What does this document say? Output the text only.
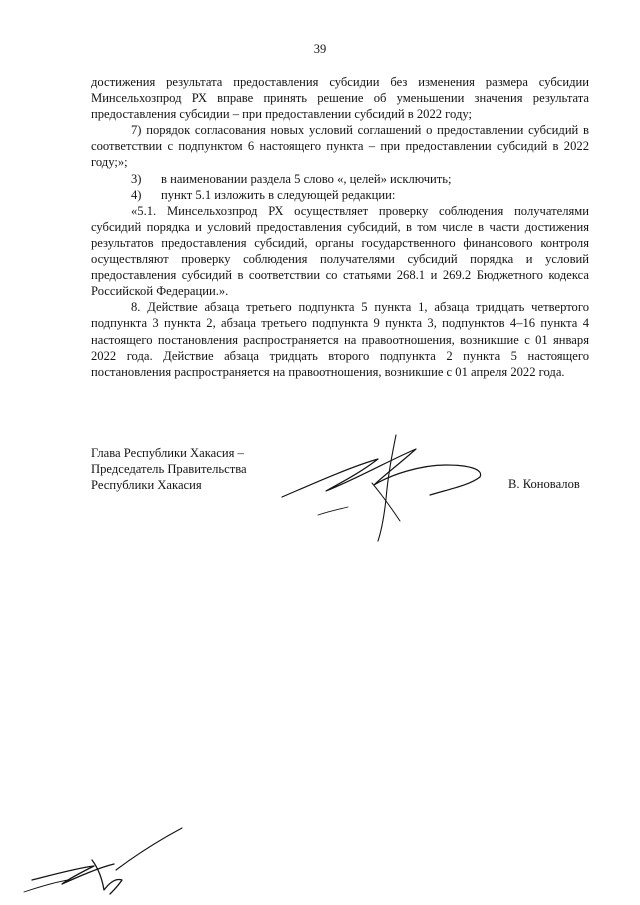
39

достижения результата предоставления субсидии без изменения размера субсидии Минсельхозпрод РХ вправе принять решение об уменьшении значения результата предоставления субсидии – при предоставлении субсидий в 2022 году;

7) порядок согласования новых условий соглашений о предоставлении субсидий в соответствии с подпунктом 6 настоящего пункта – при предоставлении субсидий в 2022 году;»;

3) в наименовании раздела 5 слово «, целей» исключить;

4) пункт 5.1 изложить в следующей редакции:

«5.1. Минсельхозпрод РХ осуществляет проверку соблюдения получателями субсидий порядка и условий предоставления субсидий, в том числе в части достижения результатов предоставления субсидий, органы государственного финансового контроля осуществляют проверку соблюдения получателями субсидий порядка и условий предоставления субсидий в соответствии со статьями 268.1 и 269.2 Бюджетного кодекса Российской Федерации.».

8. Действие абзаца третьего подпункта 5 пункта 1, абзаца тридцать четвертого подпункта 3 пункта 2, абзаца третьего подпункта 9 пункта 3, подпунктов 4–16 пункта 4 настоящего постановления распространяется на правоотношения, возникшие с 01 января 2022 года. Действие абзаца тридцать второго подпункта 2 пункта 5 настоящего постановления распространяется на правоотношения, возникшие с 01 апреля 2022 года.

Глава Республики Хакасия –
Председатель Правительства
Республики Хакасия	В. Коновалов
